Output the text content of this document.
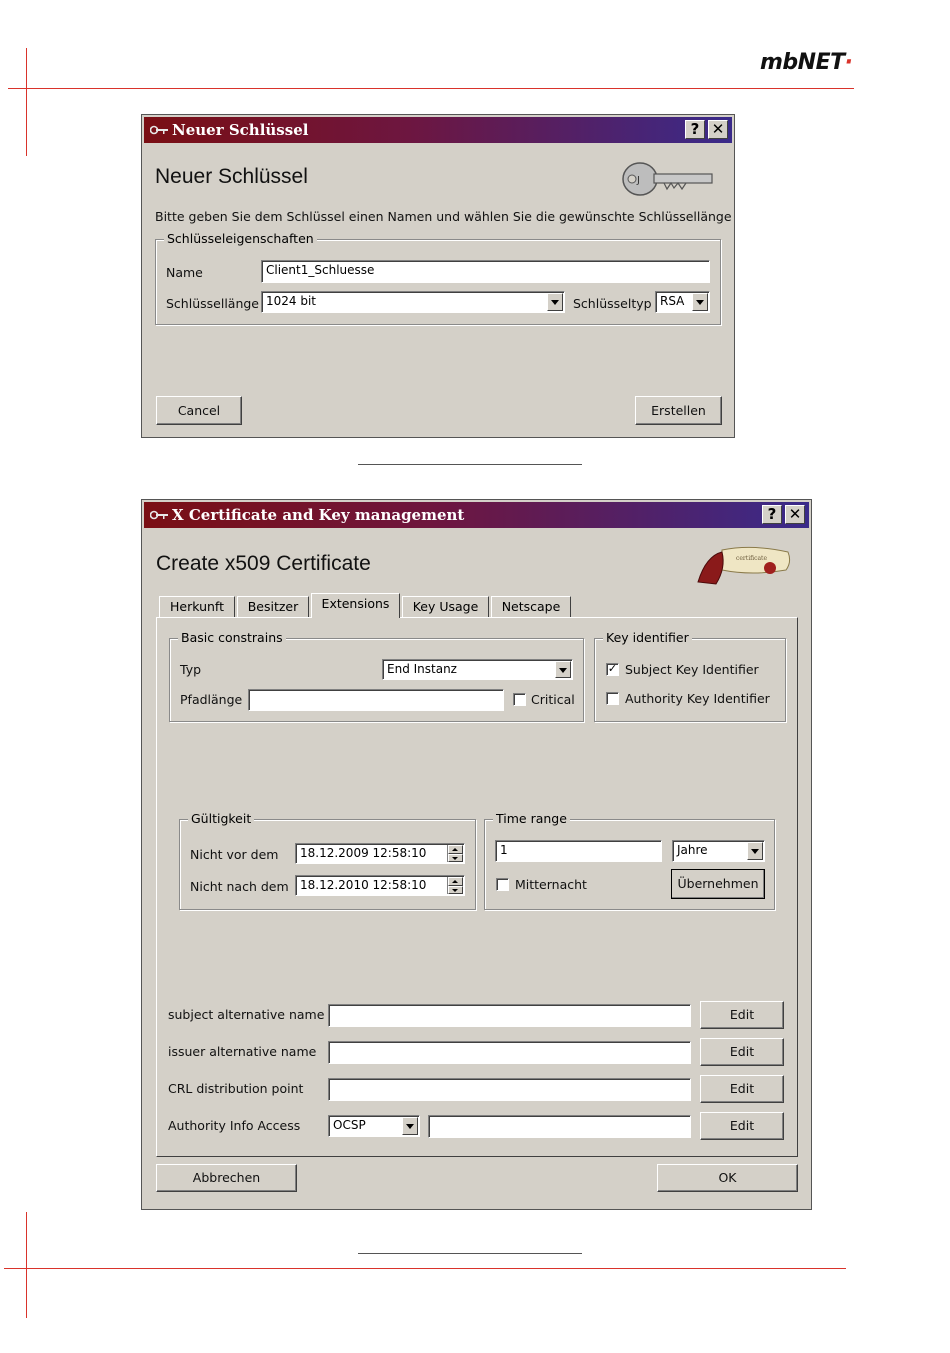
mbNET·
Neuer Schlüssel	? ✕
Neuer Schlüssel	J
Bitte geben Sie dem Schlüssel einen Namen und wählen Sie die gewünschte Schlüssellänge
Schlüsseleigenschaften
Name	Client1_Schluesse
Schlüssellänge 1024 bit	Schlüsseltyp RSA
Cancel	Erstellen
X Certificate and Key management	? ✕
Create x509 Certificate	certificate
Herkunft	Besitzer	Extensions	Key Usage	Netscape
Basic constrains
Typ	End Instanz
Pfadlänge	Critical
Key identifier
✓ Subject Key Identifier
Authority Key Identifier
Gültigkeit
Nicht vor dem	18.12.2009 12:58:10
Nicht nach dem 18.12.2010 12:58:10
Time range
1	Jahre
Mitternacht	Übernehmen
subject alternative name	Edit
issuer alternative name	Edit
CRL distribution point	Edit
Authority Info Access	OCSP	Edit
Abbrechen	OK
